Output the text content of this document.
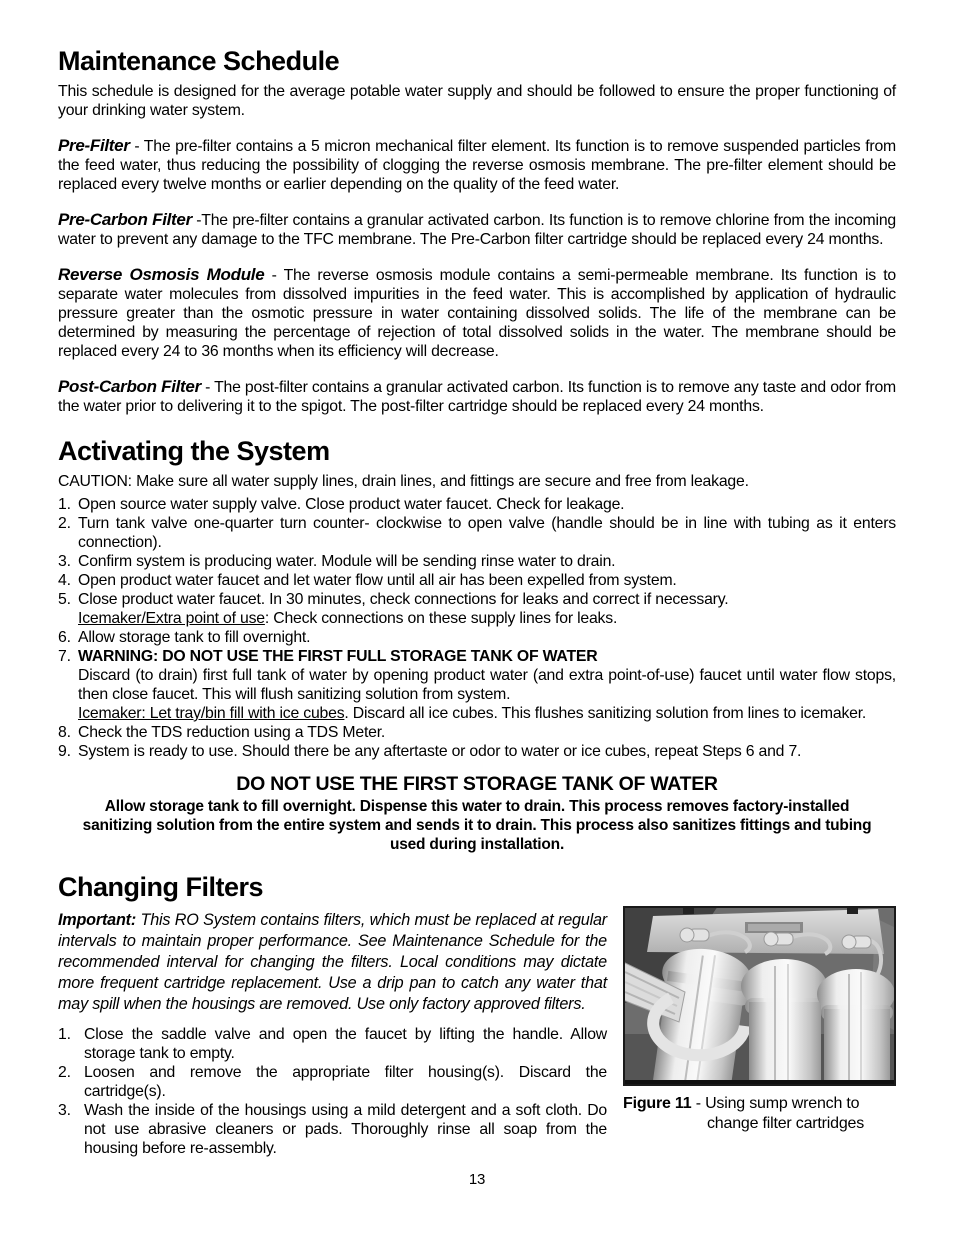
Maintenance Schedule

This schedule is designed for the average potable water supply and should be followed to ensure the proper functioning of your drinking water system.

Pre-Filter - The pre-filter contains a 5 micron mechanical filter element. Its function is to remove suspended particles from the feed water, thus reducing the possibility of clogging the reverse osmosis membrane. The pre-filter element should be replaced every twelve months or earlier depending on the quality of the feed water.

Pre-Carbon Filter -The pre-filter contains a granular activated carbon. Its function is to remove chlorine from the incoming water to prevent any damage to the TFC membrane. The Pre-Carbon filter cartridge should be replaced every 24 months.

Reverse Osmosis Module - The reverse osmosis module contains a semi-permeable membrane. Its function is to separate water molecules from dissolved impurities in the feed water. This is accomplished by application of hydraulic pressure greater than the osmotic pressure in water containing dissolved solids. The life of the membrane can be determined by measuring the percentage of rejection of total dissolved solids in the water. The membrane should be replaced every 24 to 36 months when its efficiency will decrease.

Post-Carbon Filter - The post-filter contains a granular activated carbon. Its function is to remove any taste and odor from the water prior to delivering it to the spigot. The post-filter cartridge should be replaced every 24 months.

Activating the System

CAUTION: Make sure all water supply lines, drain lines, and fittings are secure and free from leakage.

1. Open source water supply valve. Close product water faucet. Check for leakage.
2. Turn tank valve one-quarter turn counter- clockwise to open valve (handle should be in line with tubing as it enters connection).
3. Confirm system is producing water. Module will be sending rinse water to drain.
4. Open product water faucet and let water flow until all air has been expelled from system.
5. Close product water faucet. In 30 minutes, check connections for leaks and correct if necessary.
Icemaker/Extra point of use: Check connections on these supply lines for leaks.
6. Allow storage tank to fill overnight.
7. WARNING: DO NOT USE THE FIRST FULL STORAGE TANK OF WATER
Discard (to drain) first full tank of water by opening product water (and extra point-of-use) faucet until water flow stops, then close faucet. This will flush sanitizing solution from system.
Icemaker: Let tray/bin fill with ice cubes. Discard all ice cubes. This flushes sanitizing solution from lines to icemaker.
8. Check the TDS reduction using a TDS Meter.
9. System is ready to use. Should there be any aftertaste or odor to water or ice cubes, repeat Steps 6 and 7.

DO NOT USE THE FIRST STORAGE TANK OF WATER

Allow storage tank to fill overnight. Dispense this water to drain. This process removes factory-installed sanitizing solution from the entire system and sends it to drain. This process also sanitizes fittings and tubing used during installation.

Changing Filters

Important: This RO System contains filters, which must be replaced at regular intervals to maintain proper performance. See Maintenance Schedule for the recommended interval for changing the filters. Local conditions may dictate more frequent cartridge replacement. Use a drip pan to catch any water that may spill when the housings are removed. Use only factory approved filters.

1. Close the saddle valve and open the faucet by lifting the handle. Allow storage tank to empty.
2. Loosen and remove the appropriate filter housing(s). Discard the cartridge(s).
3. Wash the inside of the housings using a mild detergent and a soft cloth. Do not use abrasive cleaners or pads. Thoroughly rinse all soap from the housing before re-assembly.

Figure 11 - Using sump wrench to
change filter cartridges

13
